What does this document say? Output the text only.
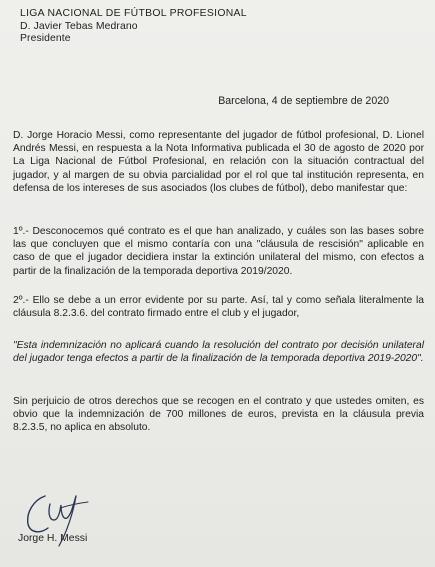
LIGA NACIONAL DE FÚTBOL PROFESIONAL
D. Javier Tebas Medrano
Presidente
Barcelona, 4 de septiembre de 2020

D. Jorge Horacio Messi, como representante del jugador de fútbol profesional, D. Lionel Andrés Messi, en respuesta a la Nota Informativa publicada el 30 de agosto de 2020 por La Liga Nacional de Fútbol Profesional, en relación con la situación contractual del jugador, y al margen de su obvia parcialidad por el rol que tal institución representa, en defensa de los intereses de sus asociados (los clubes de fútbol), debo manifestar que:

1º.- Desconocemos qué contrato es el que han analizado, y cuáles son las bases sobre las que concluyen que el mismo contaría con una "cláusula de rescisión" aplicable en caso de que el jugador decidiera instar la extinción unilateral del mismo, con efectos a partir de la finalización de la temporada deportiva 2019/2020.

2º.- Ello se debe a un error evidente por su parte. Así, tal y como señala literalmente la cláusula 8.2.3.6. del contrato firmado entre el club y el jugador,

"Esta indemnización no aplicará cuando la resolución del contrato por decisión unilateral del jugador tenga efectos a partir de la finalización de la temporada deportiva 2019-2020".

Sin perjuicio de otros derechos que se recogen en el contrato y que ustedes omiten, es obvio que la indemnización de 700 millones de euros, prevista en la cláusula previa 8.2.3.5, no aplica en absoluto.

Jorge H. Messi
